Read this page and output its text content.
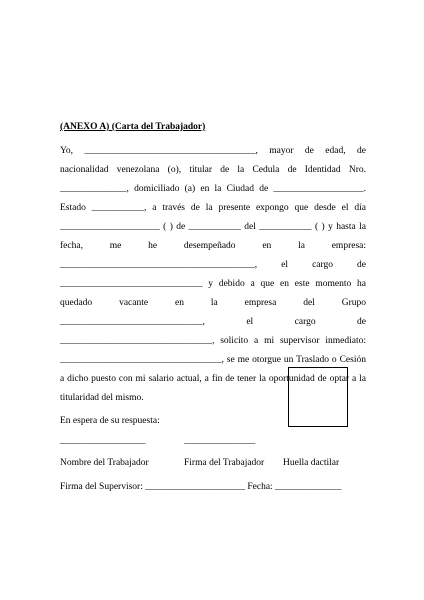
(ANEXO A) (Carta del Trabajador)

Yo, ____________________________________, mayor de edad, de nacionalidad venezolana (o), titular de la Cedula de Identidad Nro. ______________, domiciliado (a) en la Ciudad de ___________________. Estado ___________, a través de la presente expongo que desde el día _____________________ ( ) de ___________ del ___________ ( ) y hasta la fecha, me he desempeñado en la empresa: _________________________________________, el cargo de ______________________________ y debido a que en este momento ha quedado vacante en la empresa del Grupo ______________________________, el cargo de ________________________________, solicito a mi supervisor inmediato: __________________________________, se me otorgue un Traslado o Cesión a dicho puesto con mi salario actual, a fin de tener la oportunidad de optar a la titularidad del mismo.

En espera de su respuesta:
__________________	_______________
Nombre del Trabajador	Firma del Trabajador Huella dactilar
Firma del Supervisor: _____________________ Fecha: ______________
